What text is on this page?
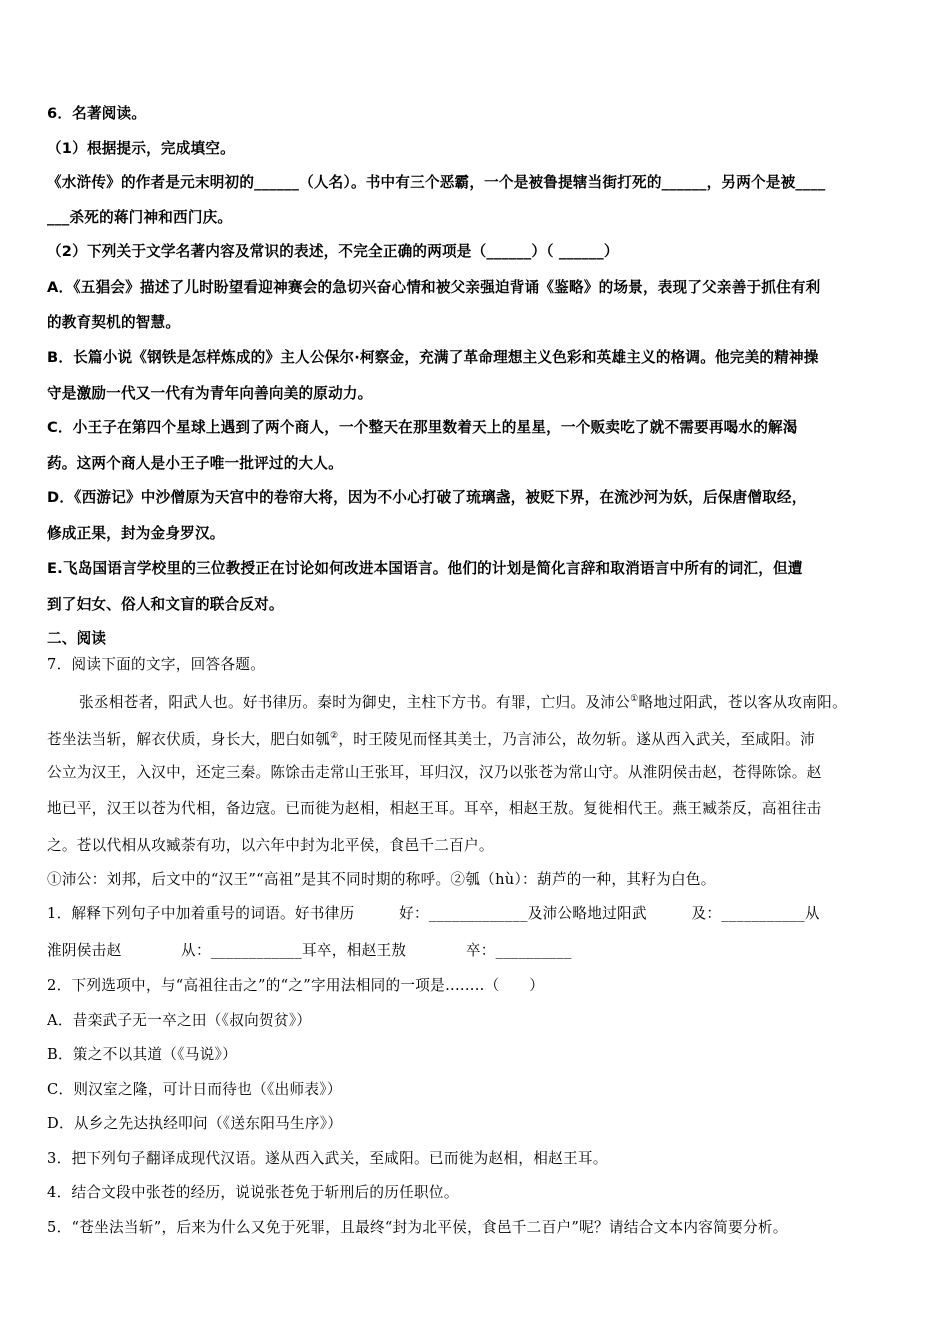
6．名著阅读。
（1）根据提示，完成填空。
《水浒传》的作者是元末明初的______（人名）。书中有三个恶霸，一个是被鲁提辖当街打死的______，另两个是被____
___杀死的蒋门神和西门庆。
（2）下列关于文学名著内容及常识的表述，不完全正确的两项是（______）（ ______）
A．《五猖会》描述了儿时盼望看迎神赛会的急切兴奋心情和被父亲强迫背诵《鉴略》的场景，表现了父亲善于抓住有利
的教育契机的智慧。
B．长篇小说《钢铁是怎样炼成的》主人公保尔·柯察金，充满了革命理想主义色彩和英雄主义的格调。他完美的精神操
守是激励一代又一代有为青年向善向美的原动力。
C．小王子在第四个星球上遇到了两个商人，一个整天在那里数着天上的星星，一个贩卖吃了就不需要再喝水的解渴
药。这两个商人是小王子唯一批评过的大人。
D．《西游记》中沙僧原为天宫中的卷帘大将，因为不小心打破了琉璃盏，被贬下界，在流沙河为妖，后保唐僧取经，
修成正果，封为金身罗汉。
E.飞岛国语言学校里的三位教授正在讨论如何改进本国语言。他们的计划是简化言辞和取消语言中所有的词汇，但遭
到了妇女、俗人和文盲的联合反对。
二、阅读
7．阅读下面的文字，回答各题。
张丞相苍者，阳武人也。好书律历。秦时为御史，主柱下方书。有罪，亡归。及沛公①略地过阳武，苍以客从攻南阳。
苍坐法当斩，解衣伏质，身长大，肥白如瓠②，时王陵见而怪其美士，乃言沛公，故勿斩。遂从西入武关，至咸阳。沛
公立为汉王，入汉中，还定三秦。陈馀击走常山王张耳，耳归汉，汉乃以张苍为常山守。从淮阴侯击赵，苍得陈馀。赵
地已平，汉王以苍为代相，备边寇。已而徙为赵相，相赵王耳。耳卒，相赵王敖。复徙相代王。燕王臧荼反，高祖往击
之。苍以代相从攻臧荼有功，以六年中封为北平侯，食邑千二百户。
①沛公：刘邦，后文中的“汉王”“高祖”是其不同时期的称呼。②瓠（hù）：葫芦的一种，其籽为白色。
1．解释下列句子中加着重号的词语。好书律历　　　好：_____________及沛公略地过阳武　　　及：___________从
淮阴侯击赵　　　　从：____________耳卒，相赵王敖　　　　卒：__________
2．下列选项中，与“高祖往击之”的“之”字用法相同的一项是........（　　）
A．昔栾武子无一卒之田（《叔向贺贫》）
B．策之不以其道（《马说》）
C．则汉室之隆，可计日而待也（《出师表》）
D．从乡之先达执经叩问（《送东阳马生序》）
3．把下列句子翻译成现代汉语。遂从西入武关，至咸阳。已而徙为赵相，相赵王耳。
4．结合文段中张苍的经历，说说张苍免于斩刑后的历任职位。
5．“苍坐法当斩”，后来为什么又免于死罪，且最终“封为北平侯，食邑千二百户”呢？请结合文本内容简要分析。
